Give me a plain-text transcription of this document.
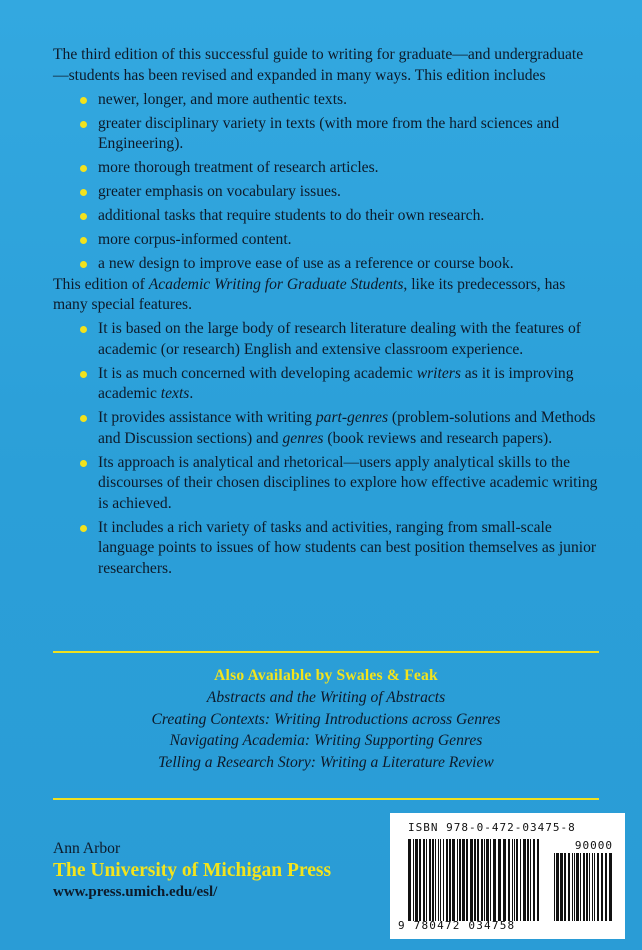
The third edition of this successful guide to writing for graduate—and undergraduate—students has been revised and expanded in many ways. This edition includes

newer, longer, and more authentic texts.
greater disciplinary variety in texts (with more from the hard sciences and Engineering).
more thorough treatment of research articles.
greater emphasis on vocabulary issues.
additional tasks that require students to do their own research.
more corpus-informed content.
a new design to improve ease of use as a reference or course book.

This edition of Academic Writing for Graduate Students, like its predecessors, has many special features.

It is based on the large body of research literature dealing with the features of academic (or research) English and extensive classroom experience.
It is as much concerned with developing academic writers as it is improving academic texts.
It provides assistance with writing part-genres (problem-solutions and Methods and Discussion sections) and genres (book reviews and research papers).
Its approach is analytical and rhetorical—users apply analytical skills to the discourses of their chosen disciplines to explore how effective academic writing is achieved.
It includes a rich variety of tasks and activities, ranging from small-scale language points to issues of how students can best position themselves as junior researchers.
Also Available by Swales & Feak
Abstracts and the Writing of Abstracts
Creating Contexts: Writing Introductions across Genres
Navigating Academia: Writing Supporting Genres
Telling a Research Story: Writing a Literature Review
Ann Arbor
The University of Michigan Press
www.press.umich.edu/esl/
ISBN 978-0-472-03475-8
90000
9 780472 034758
